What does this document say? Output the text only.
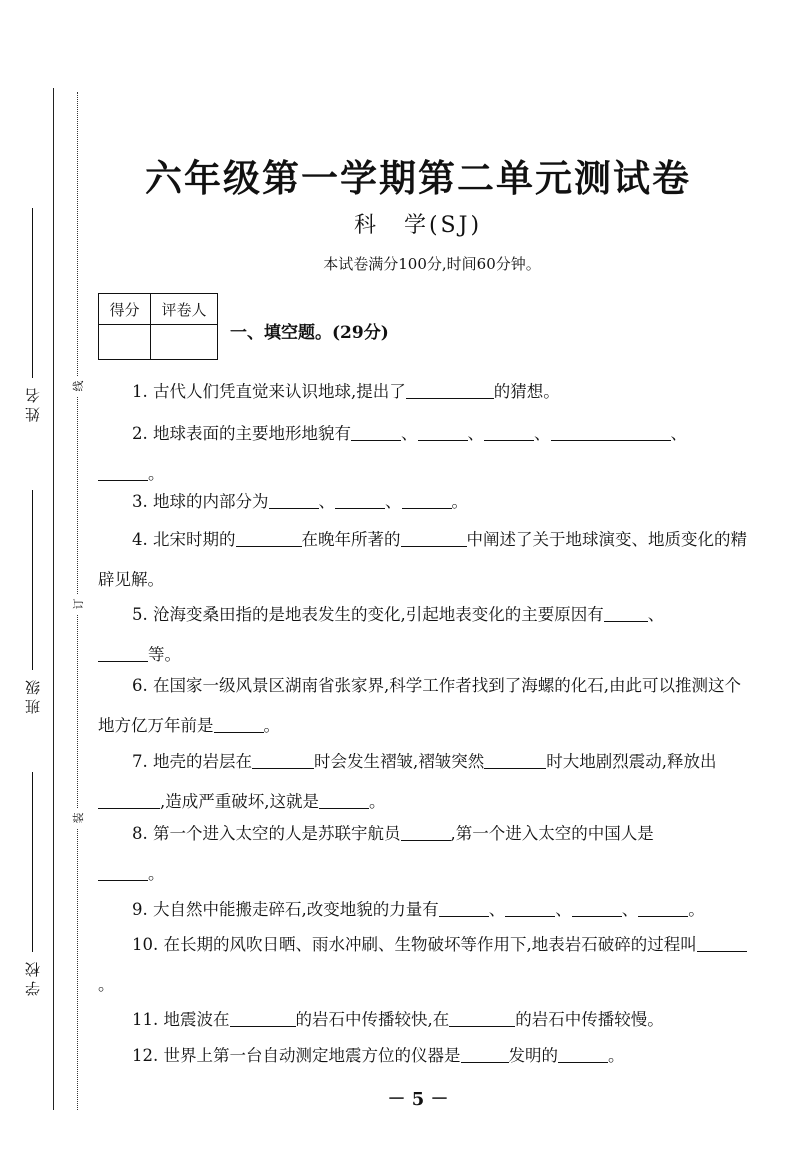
姓名
班级
学校
线
订
装
六年级第一学期第二单元测试卷
科　学(SJ)
本试卷满分100分,时间60分钟。
得分	评卷人

一、填空题。(29分)

1. 古代人们凭直觉来认识地球,提出了	的猜想。

2. 地球表面的主要地形地貌有	、	、	、	、
。

3. 地球的内部分为	、	、	。

4. 北宋时期的	在晚年所著的	中阐述了关于地球演变、地质变化的精辟见解。

5. 沧海变桑田指的是地表发生的变化,引起地表变化的主要原因有	、
等。

6. 在国家一级风景区湖南省张家界,科学工作者找到了海螺的化石,由此可以推测这个地方亿万年前是	。

7. 地壳的岩层在	时会发生褶皱,褶皱突然	时大地剧烈震动,释放出,造成严重破坏,这就是	。

8. 第一个进入太空的人是苏联宇航员	,第一个进入太空的中国人是
。

9. 大自然中能搬走碎石,改变地貌的力量有	、	、	、	。

10. 在长期的风吹日晒、雨水冲刷、生物破坏等作用下,地表岩石破碎的过程叫。

11. 地震波在	的岩石中传播较快,在	的岩石中传播较慢。

12. 世界上第一台自动测定地震方位的仪器是	发明的	。

－ 5 －
